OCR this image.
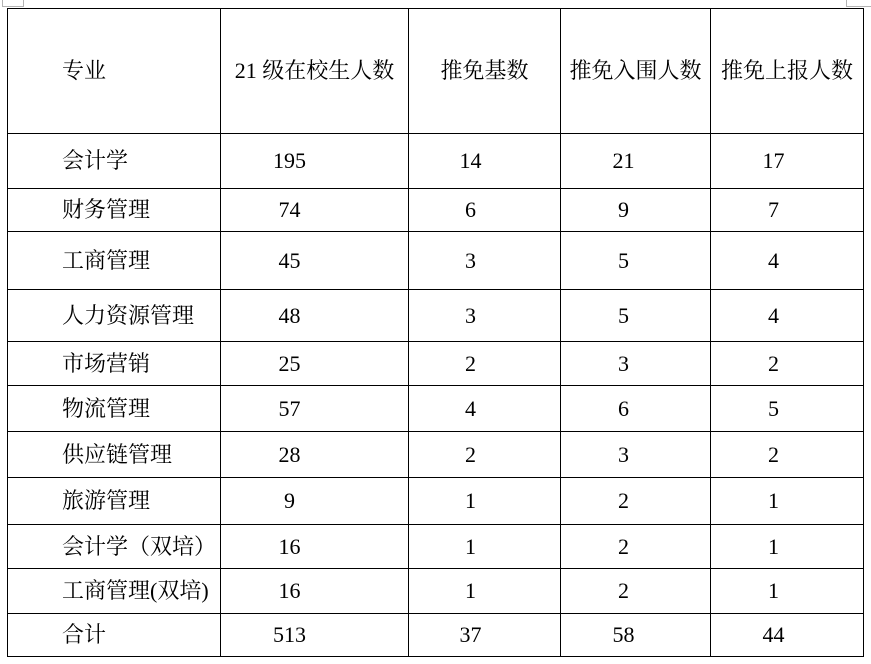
专业	21 级在校生人数	推免基数	推免入围人数	推免上报人数
会计学	195	14	21	17
财务管理	74	6	9	7
工商管理	45	3	5	4
人力资源管理	48	3	5	4
市场营销	25	2	3	2
物流管理	57	4	6	5
供应链管理	28	2	3	2
旅游管理	9	1	2	1
会计学（双培）	16	1	2	1
工商管理(双培)	16	1	2	1
合计	513	37	58	44
